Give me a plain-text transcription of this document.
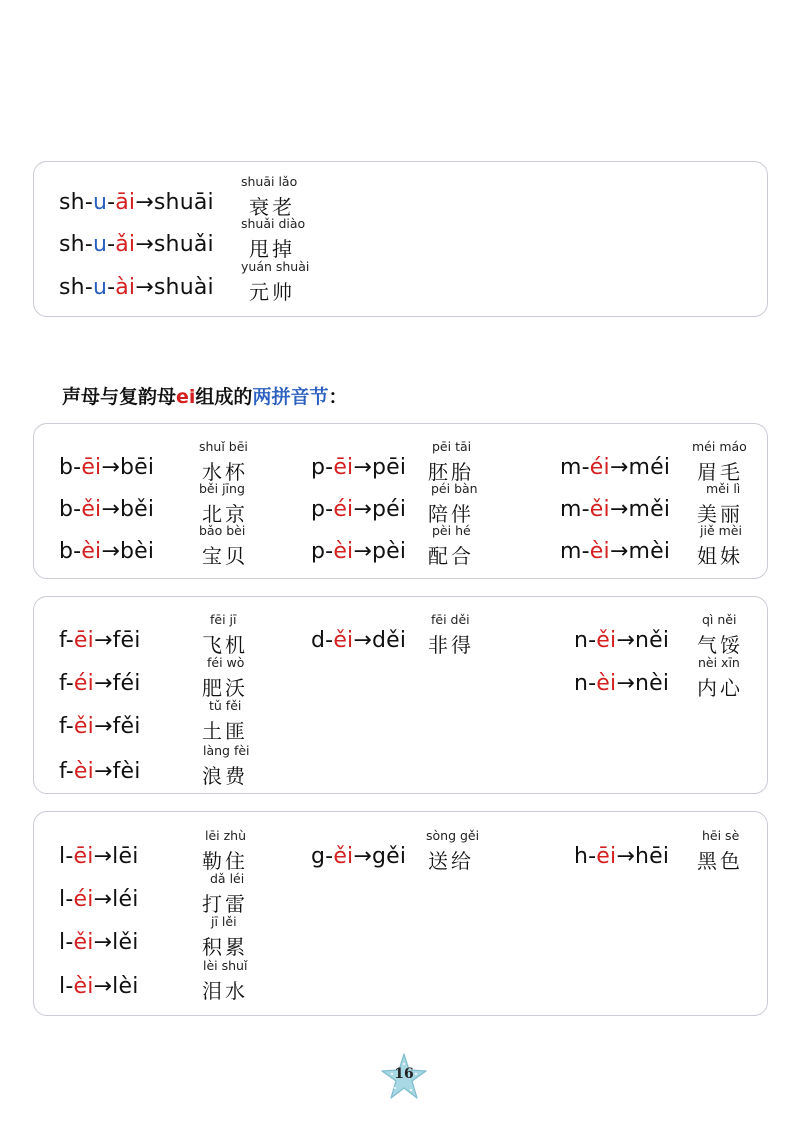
sh-u-āi→shuāi
shuāi lǎo
衰老
sh-u-ǎi→shuǎi
shuǎi diào
甩掉
sh-u-ài→shuài
yuán shuài
元帅
声母与复韵母ei组成的两拼音节：
b-ēi→bēi
shuǐ bēi
水杯
b-ěi→běi
běi jīng
北京
b-èi→bèi
bǎo bèi
宝贝
p-ēi→pēi
pēi tāi
胚胎
p-éi→péi
péi bàn
陪伴
p-èi→pèi
pèi hé
配合
m-éi→méi
méi máo
眉毛
m-ěi→měi
měi lì
美丽
m-èi→mèi
jiě mèi
姐妹
f-ēi→fēi
fēi jī
飞机
f-éi→féi
féi wò
肥沃
f-ěi→fěi
tǔ fěi
土匪
f-èi→fèi
làng fèi
浪费
d-ěi→děi
fēi děi
非得	n-ěi→něi
qì něi
气馁
n-èi→nèi
nèi xīn
内心
l-ēi→lēi
lēi zhù
勒住
l-éi→léi
dǎ léi
打雷
l-ěi→lěi
jī lěi
积累
l-èi→lèi
lèi shuǐ
泪水
g-ěi→gěi
sòng gěi
送给	h-ēi→hēi
hēi sè
黑色
16
